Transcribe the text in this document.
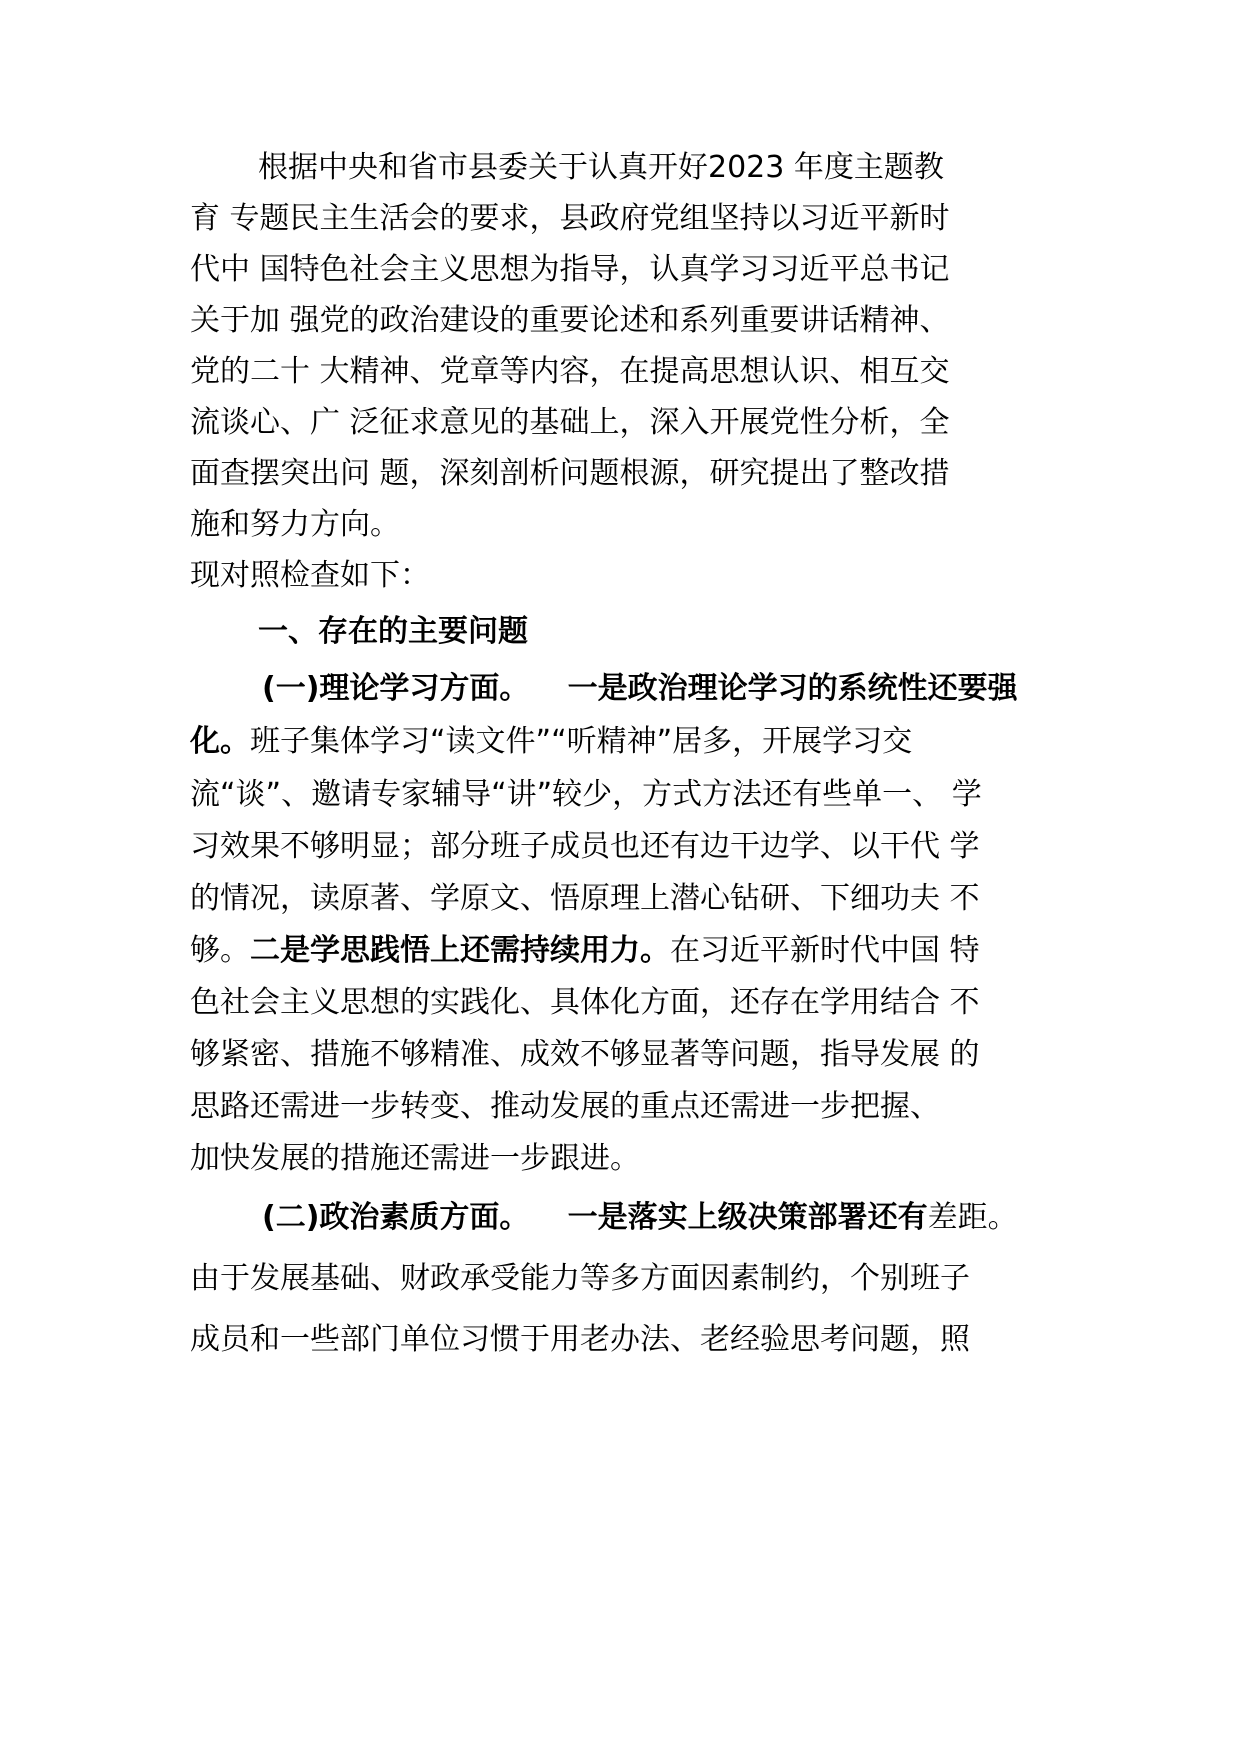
根据中央和省市县委关于认真开好2023 年度主题教
育 专题民主生活会的要求，县政府党组坚持以习近平新时
代中 国特色社会主义思想为指导，认真学习习近平总书记
关于加 强党的政治建设的重要论述和系列重要讲话精神、
党的二十 大精神、党章等内容，在提高思想认识、相互交
流谈心、广 泛征求意见的基础上，深入开展党性分析，全
面查摆突出问 题，深刻剖析问题根源，研究提出了整改措
施和努力方向。
现对照检查如下：
一、存在的主要问题
(一)理论学习方面。 一是政治理论学习的系统性还要强
化。班子集体学习“读文件”“听精神”居多，开展学习交
流“谈”、邀请专家辅导“讲”较少，方式方法还有些单一、 学
习效果不够明显；部分班子成员也还有边干边学、以干代 学
的情况，读原著、学原文、悟原理上潜心钻研、下细功夫 不
够。二是学思践悟上还需持续用力。在习近平新时代中国 特
色社会主义思想的实践化、具体化方面，还存在学用结合 不
够紧密、措施不够精准、成效不够显著等问题，指导发展 的
思路还需进一步转变、推动发展的重点还需进一步把握、
加快发展的措施还需进一步跟进。
(二)政治素质方面。 一是落实上级决策部署还有差距。
由于发展基础、财政承受能力等多方面因素制约，个别班子
成员和一些部门单位习惯于用老办法、老经验思考问题，照
